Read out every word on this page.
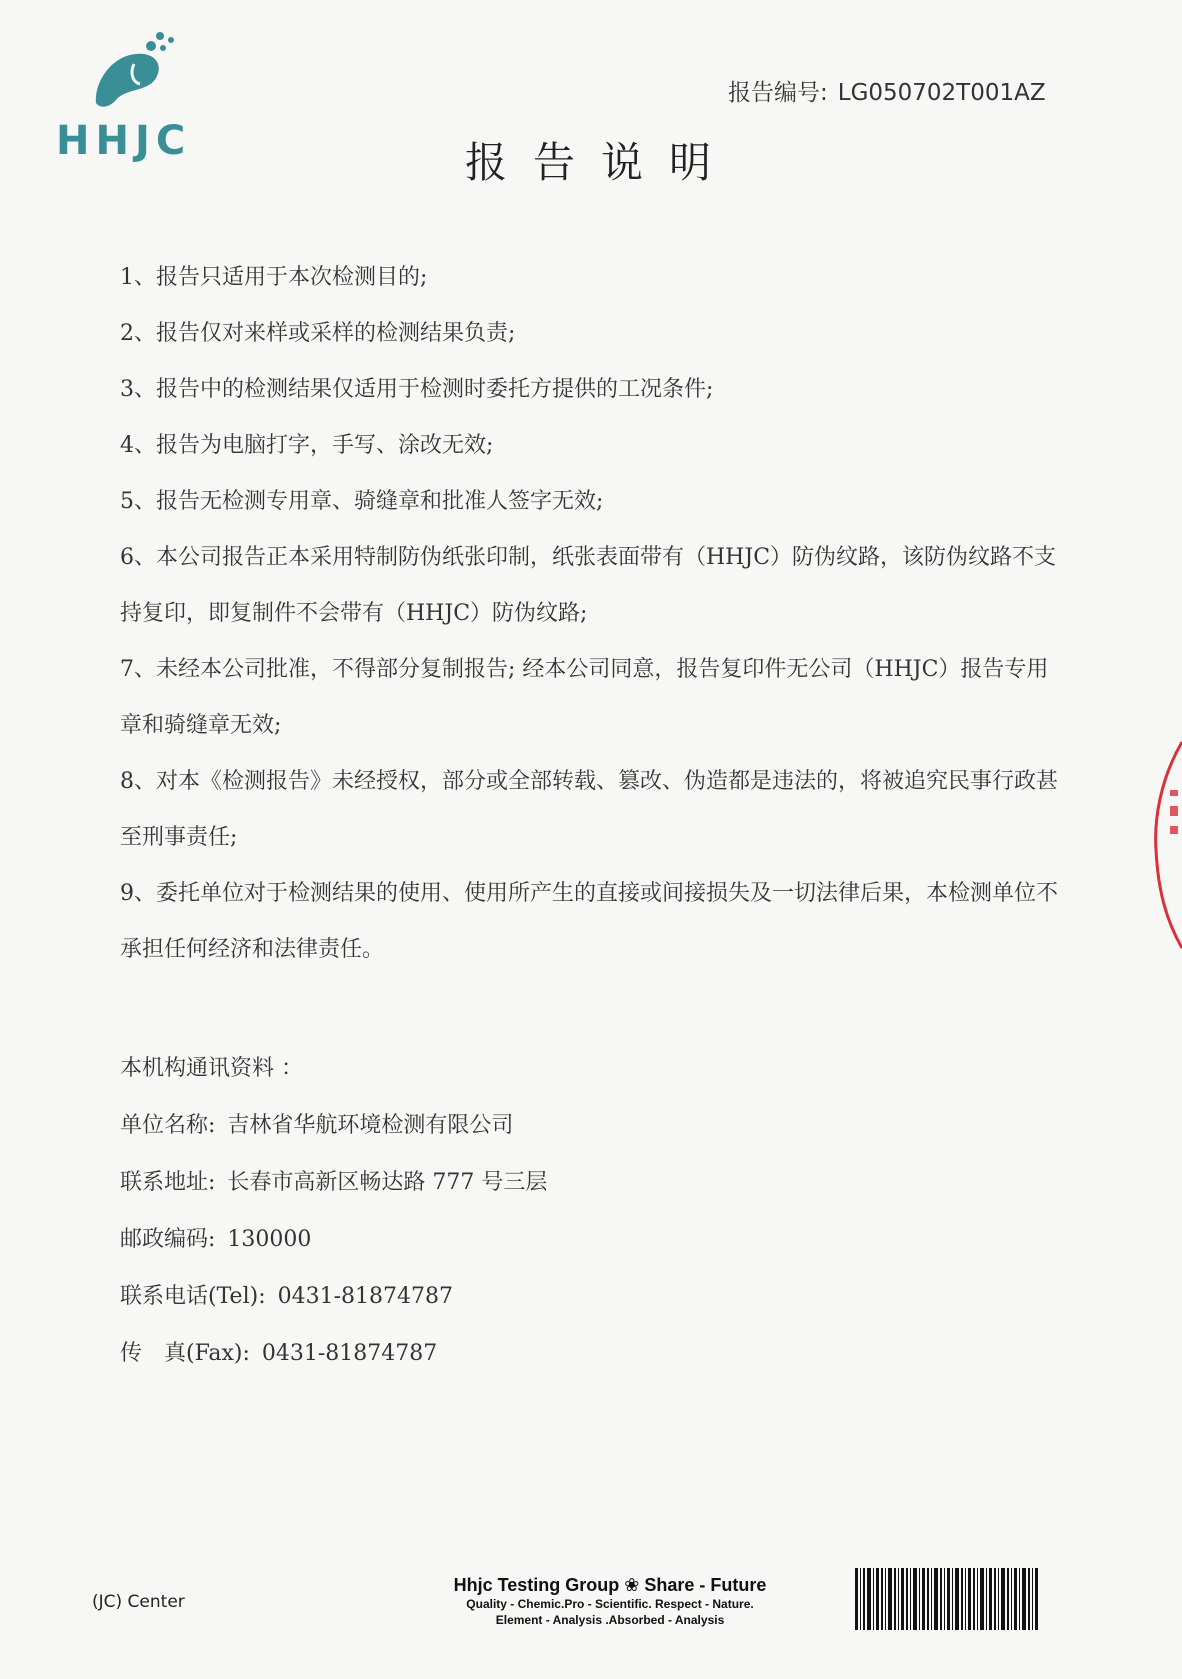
HHJC
报告编号: LG050702T001AZ
报告说明

1、报告只适用于本次检测目的;

2、报告仅对来样或采样的检测结果负责;

3、报告中的检测结果仅适用于检测时委托方提供的工况条件;

4、报告为电脑打字，手写、涂改无效;

5、报告无检测专用章、骑缝章和批准人签字无效;

6、本公司报告正本采用特制防伪纸张印制，纸张表面带有（HHJC）防伪纹路，该防伪纹路不支持复印，即复制件不会带有（HHJC）防伪纹路;

7、未经本公司批准，不得部分复制报告; 经本公司同意，报告复印件无公司（HHJC）报告专用章和骑缝章无效;

8、对本《检测报告》未经授权，部分或全部转载、篡改、伪造都是违法的，将被追究民事行政甚至刑事责任;

9、委托单位对于检测结果的使用、使用所产生的直接或间接损失及一切法律后果，本检测单位不承担任何经济和法律责任。

本机构通讯资料 ：

单位名称: 吉林省华航环境检测有限公司

联系地址: 长春市高新区畅达路 777 号三层

邮政编码: 130000

联系电话(Tel): 0431-81874787

传　真(Fax): 0431-81874787

(JC) Center
Hhjc Testing Group ❀ Share - Future
Quality - Chemic.Pro - Scientific. Respect - Nature.
Element - Analysis .Absorbed - Analysis
